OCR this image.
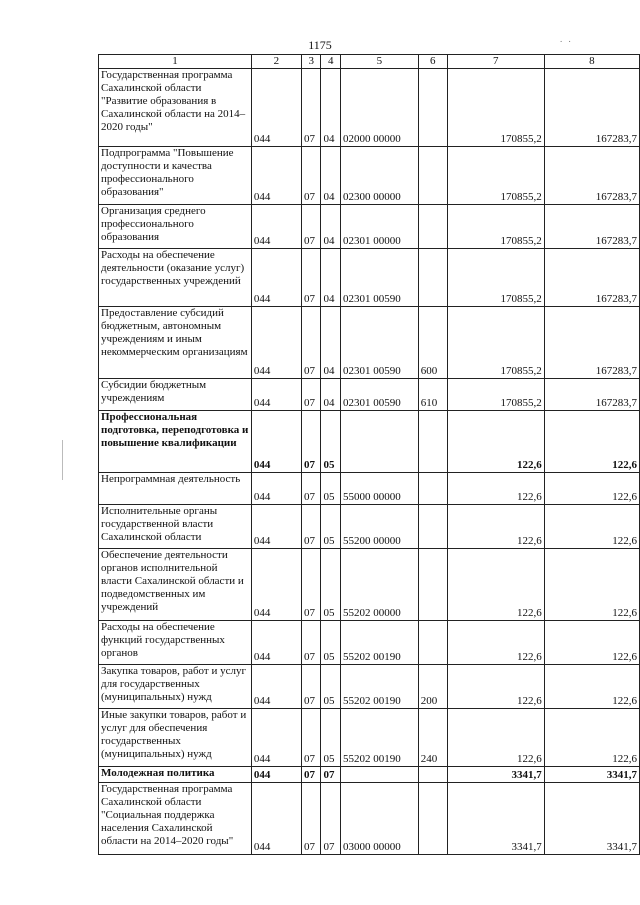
1175	. .
1	2	3	4	5	6	7	8
Государственная программа Сахалинской области "Развитие образования в Сахалинской области на 2014–2020 годы"	044	07	04	02000 00000		170855,2	167283,7
Подпрограмма "Повышение доступности и качества профессионального образования"	044	07	04	02300 00000		170855,2	167283,7
Организация среднего профессионального образования	044	07	04	02301 00000		170855,2	167283,7
Расходы на обеспечение деятельности (оказание услуг) государственных учреждений	044	07	04	02301 00590		170855,2	167283,7
Предоставление субсидий бюджетным, автономным учреждениям и иным некоммерческим организациям	044	07	04	02301 00590	600	170855,2	167283,7
Субсидии бюджетным учреждениям	044	07	04	02301 00590	610	170855,2	167283,7
Профессиональная подготовка, переподготовка и повышение квалификации	044	07	05			122,6	122,6
Непрограммная деятельность	044	07	05	55000 00000		122,6	122,6
Исполнительные органы государственной власти Сахалинской области	044	07	05	55200 00000		122,6	122,6
Обеспечение деятельности органов исполнительной власти Сахалинской области и подведомственных им учреждений	044	07	05	55202 00000		122,6	122,6
Расходы на обеспечение функций государственных органов	044	07	05	55202 00190		122,6	122,6
Закупка товаров, работ и услуг для государственных (муниципальных) нужд	044	07	05	55202 00190	200	122,6	122,6
Иные закупки товаров, работ и услуг для обеспечения государственных (муниципальных) нужд	044	07	05	55202 00190	240	122,6	122,6
Молодежная политика	044	07	07			3341,7	3341,7
Государственная программа Сахалинской области "Социальная поддержка населения Сахалинской области на 2014–2020 годы"	044	07	07	03000 00000		3341,7	3341,7
